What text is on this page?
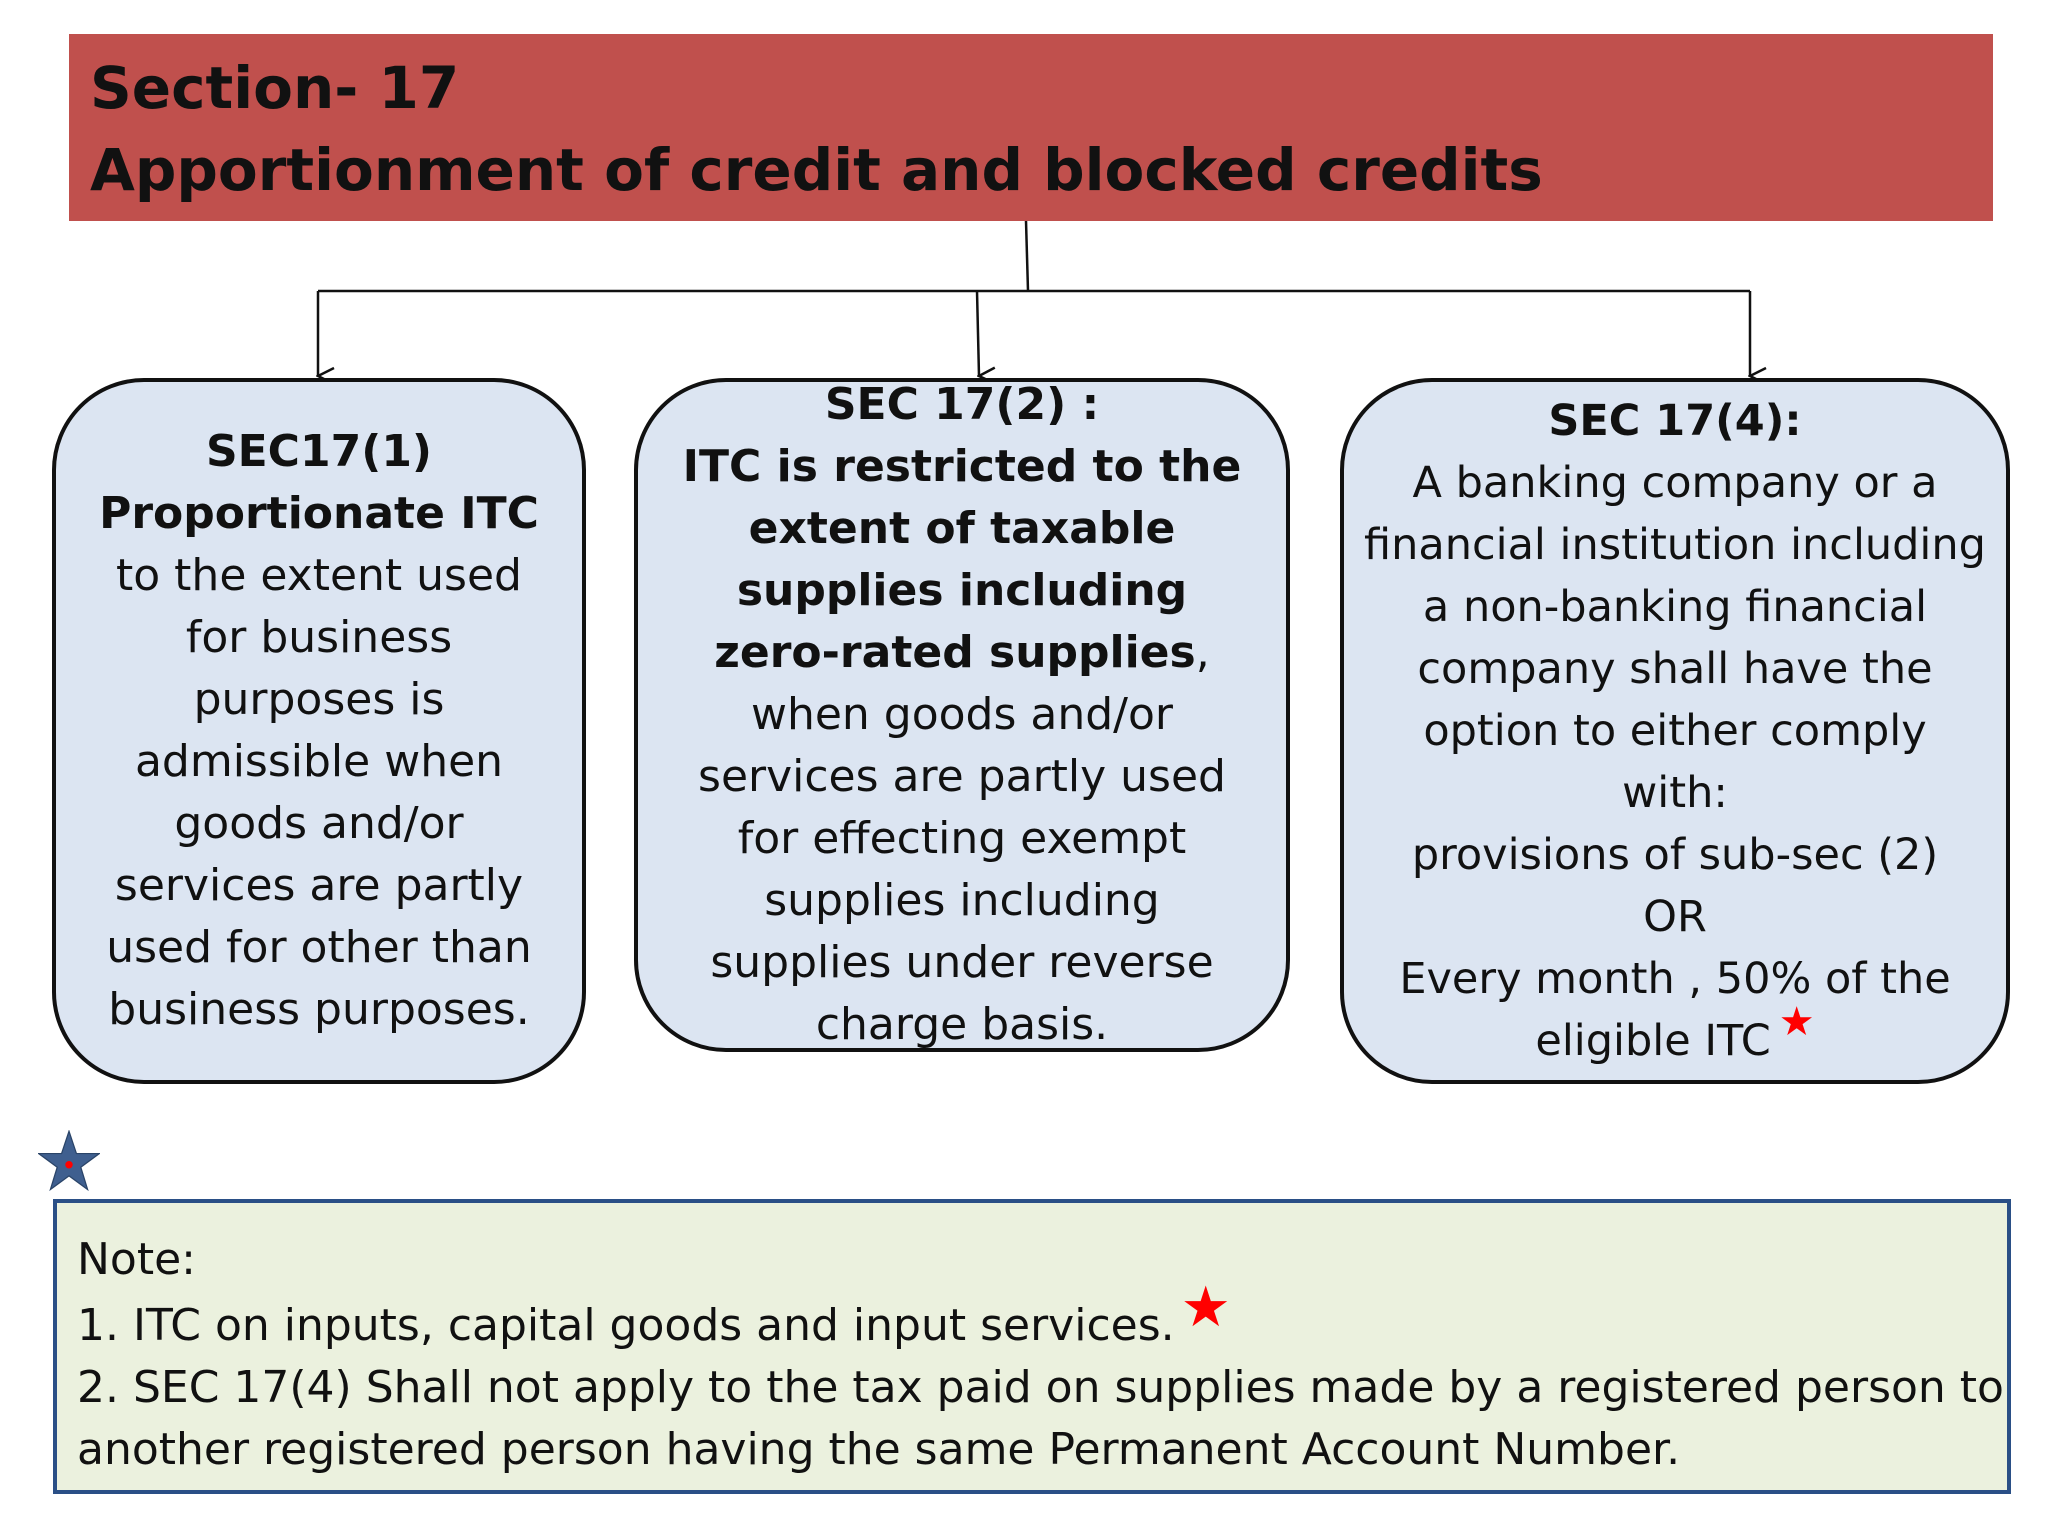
Section- 17
Apportionment of credit and blocked credits

SEC17(1)

Proportionate ITC to the extent used for business purposes is admissible when goods and/or services are partly used for other than business purposes.

SEC 17(2) :

ITC is restricted to the extent of taxable supplies including zero-rated supplies, when goods and/or services are partly used for effecting exempt supplies including supplies under reverse charge basis.

SEC 17(4):

A banking company or a financial institution including a non-banking financial company shall have the option to either comply with:

provisions of sub-sec (2)

OR

Every month , 50% of the eligible ITC ★

Note:
1. ITC on inputs, capital goods and input services. ★
2. SEC 17(4) Shall not apply to the tax paid on supplies made by a registered person to
another registered person having the same Permanent Account Number.
